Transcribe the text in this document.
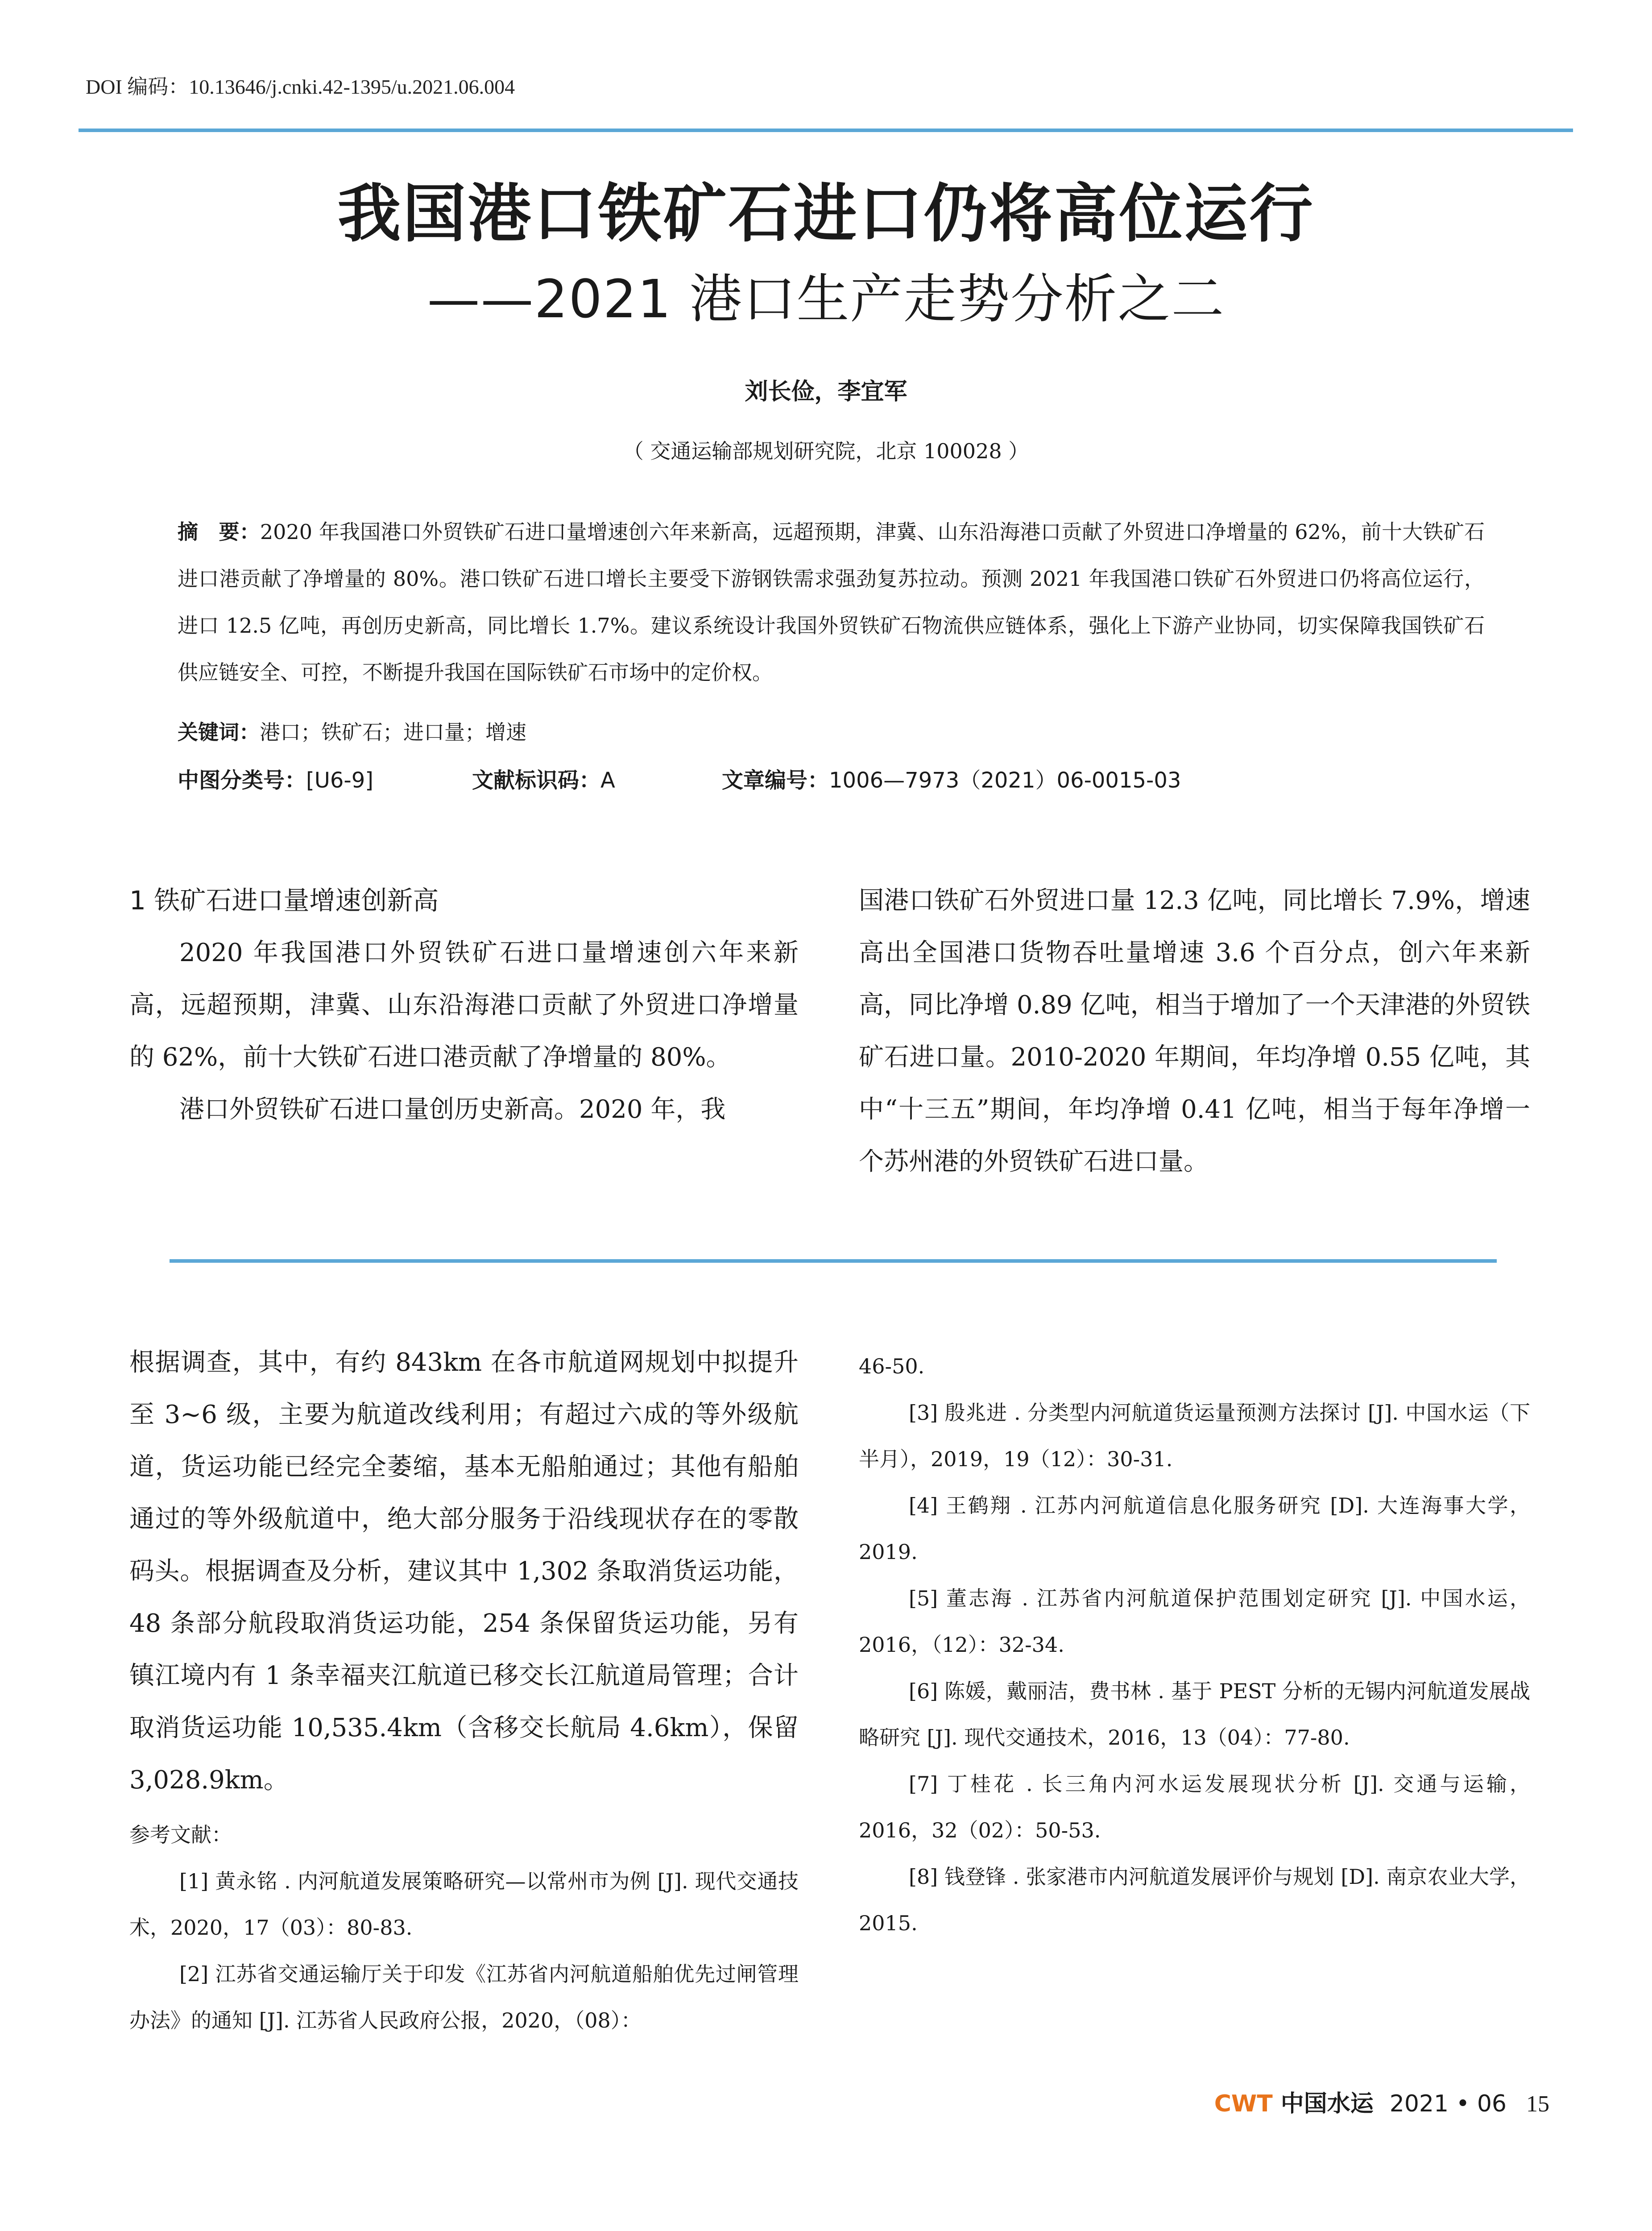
DOI 编码：10.13646/j.cnki.42-1395/u.2021.06.004
我国港口铁矿石进口仍将高位运行
——2021 港口生产走势分析之二
刘长俭，李宜军
（ 交通运输部规划研究院，北京 100028 ）
摘　要：2020 年我国港口外贸铁矿石进口量增速创六年来新高，远超预期，津冀、山东沿海港口贡献了外贸进口净增量的 62%，前十大铁矿石进口港贡献了净增量的 80%。港口铁矿石进口增长主要受下游钢铁需求强劲复苏拉动。预测 2021 年我国港口铁矿石外贸进口仍将高位运行，进口 12.5 亿吨，再创历史新高，同比增长 1.7%。建议系统设计我国外贸铁矿石物流供应链体系，强化上下游产业协同，切实保障我国铁矿石供应链安全、可控，不断提升我国在国际铁矿石市场中的定价权。
关键词：港口；铁矿石；进口量；增速
中图分类号：[U6-9]	文献标识码：A	文章编号：1006—7973（2021）06-0015-03
1 铁矿石进口量增速创新高

2020 年我国港口外贸铁矿石进口量增速创六年来新高，远超预期，津冀、山东沿海港口贡献了外贸进口净增量的 62%，前十大铁矿石进口港贡献了净增量的 80%。

港口外贸铁矿石进口量创历史新高。2020 年，我

国港口铁矿石外贸进口量 12.3 亿吨，同比增长 7.9%，增速高出全国港口货物吞吐量增速 3.6 个百分点，创六年来新高，同比净增 0.89 亿吨，相当于增加了一个天津港的外贸铁矿石进口量。2010-2020 年期间，年均净增 0.55 亿吨，其中“十三五”期间，年均净增 0.41 亿吨，相当于每年净增一个苏州港的外贸铁矿石进口量。

根据调查，其中，有约 843km 在各市航道网规划中拟提升至 3~6 级，主要为航道改线利用；有超过六成的等外级航道，货运功能已经完全萎缩，基本无船舶通过；其他有船舶通过的等外级航道中，绝大部分服务于沿线现状存在的零散码头。根据调查及分析，建议其中 1,302 条取消货运功能，48 条部分航段取消货运功能，254 条保留货运功能，另有镇江境内有 1 条幸福夹江航道已移交长江航道局管理；合计取消货运功能 10,535.4km（含移交长航局 4.6km），保留 3,028.9km。

参考文献：

[1] 黄永铭 . 内河航道发展策略研究—以常州市为例 [J]. 现代交通技术，2020，17（03）：80-83.

[2] 江苏省交通运输厅关于印发《江苏省内河航道船舶优先过闸管理办法》的通知 [J]. 江苏省人民政府公报，2020，（08）：

46-50.

[3] 殷兆进 . 分类型内河航道货运量预测方法探讨 [J]. 中国水运（下半月），2019，19（12）：30-31.

[4] 王鹤翔 . 江苏内河航道信息化服务研究 [D]. 大连海事大学，2019.

[5] 董志海 . 江苏省内河航道保护范围划定研究 [J]. 中国水运，2016，（12）：32-34.

[6] 陈媛，戴丽洁，费书林 . 基于 PEST 分析的无锡内河航道发展战略研究 [J]. 现代交通技术，2016，13（04）：77-80.

[7] 丁桂花 . 长三角内河水运发展现状分析 [J]. 交通与运输，2016，32（02）：50-53.

[8] 钱登锋 . 张家港市内河航道发展评价与规划 [D]. 南京农业大学，2015.

CWT 中国水运 2021 • 06 15
